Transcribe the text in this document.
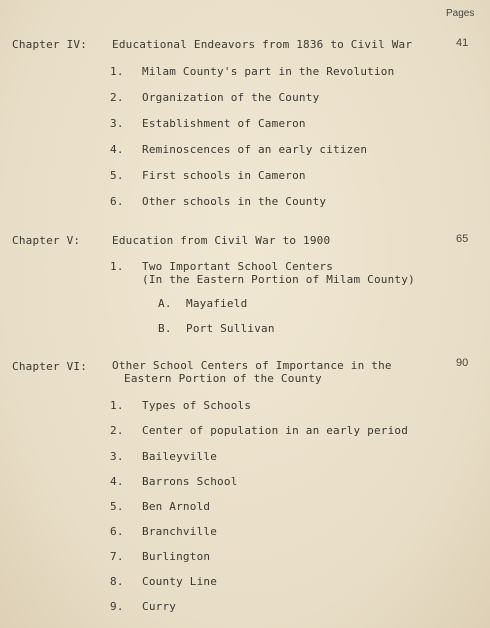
Pages
Chapter IV: Educational Endeavors from 1836 to Civil War	41
1. Milam County's part in the Revolution
2. Organization of the County
3. Establishment of Cameron
4. Reminoscences of an early citizen
5. First schools in Cameron
6. Other schools in the County
Chapter V:	Education from Civil War to 1900	65
1. Two Important School Centers
(In the Eastern Portion of Milam County)
A. Mayafield
B. Port Sullivan
Chapter VI: Other School Centers of Importance in the
Eastern Portion of the County
90
1. Types of Schools
2. Center of population in an early period
3. Baileyville
4. Barrons School
5. Ben Arnold
6. Branchville
7. Burlington
8. County Line
9. Curry
